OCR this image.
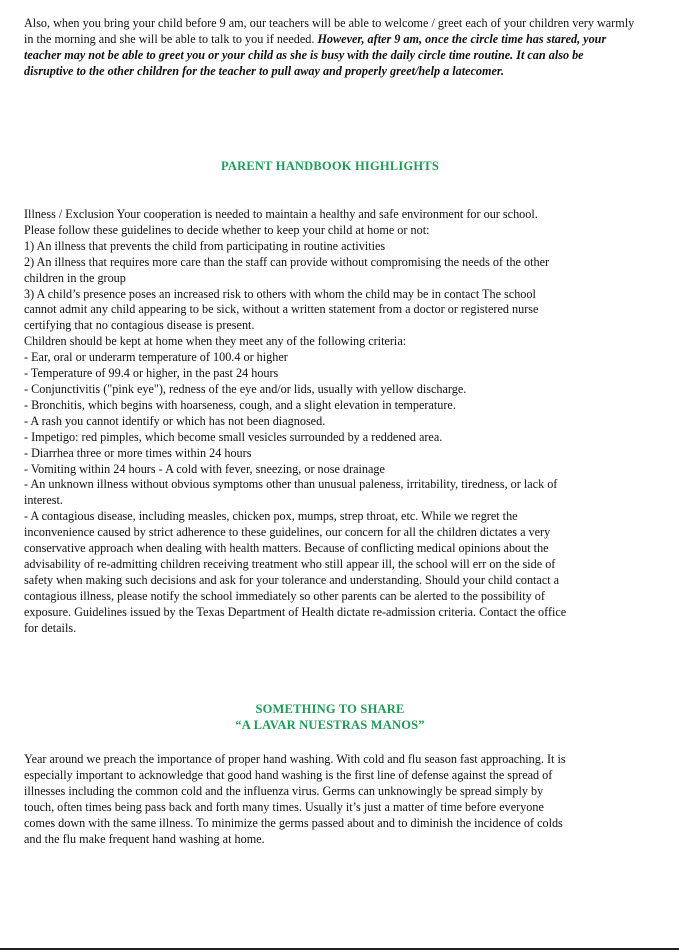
Also, when you bring your child before 9 am, our teachers will be able to welcome / greet each of your children very warmly in the morning and she will be able to talk to you if needed. However, after 9 am, once the circle time has stared, your teacher may not be able to greet you or your child as she is busy with the daily circle time routine. It can also be disruptive to the other children for the teacher to pull away and properly greet/help a latecomer.

PARENT HANDBOOK HIGHLIGHTS

Illness / Exclusion Your cooperation is needed to maintain a healthy and safe environment for our school.
Please follow these guidelines to decide whether to keep your child at home or not:
1) An illness that prevents the child from participating in routine activities
2) An illness that requires more care than the staff can provide without compromising the needs of the other
children in the group
3) A child’s presence poses an increased risk to others with whom the child may be in contact The school
cannot admit any child appearing to be sick, without a written statement from a doctor or registered nurse
certifying that no contagious disease is present.
Children should be kept at home when they meet any of the following criteria:
- Ear, oral or underarm temperature of 100.4 or higher
- Temperature of 99.4 or higher, in the past 24 hours
- Conjunctivitis ("pink eye"), redness of the eye and/or lids, usually with yellow discharge.
- Bronchitis, which begins with hoarseness, cough, and a slight elevation in temperature.
- A rash you cannot identify or which has not been diagnosed.
- Impetigo: red pimples, which become small vesicles surrounded by a reddened area.
- Diarrhea three or more times within 24 hours
- Vomiting within 24 hours - A cold with fever, sneezing, or nose drainage
- An unknown illness without obvious symptoms other than unusual paleness, irritability, tiredness, or lack of
interest.
- A contagious disease, including measles, chicken pox, mumps, strep throat, etc. While we regret the
inconvenience caused by strict adherence to these guidelines, our concern for all the children dictates a very
conservative approach when dealing with health matters. Because of conflicting medical opinions about the
advisability of re-admitting children receiving treatment who still appear ill, the school will err on the side of
safety when making such decisions and ask for your tolerance and understanding. Should your child contact a
contagious illness, please notify the school immediately so other parents can be alerted to the possibility of
exposure. Guidelines issued by the Texas Department of Health dictate re-admission criteria. Contact the office
for details.

SOMETHING TO SHARE

“A LAVAR NUESTRAS MANOS”

Year around we preach the importance of proper hand washing. With cold and flu season fast approaching. It is
especially important to acknowledge that good hand washing is the first line of defense against the spread of
illnesses including the common cold and the influenza virus. Germs can unknowingly be spread simply by
touch, often times being pass back and forth many times. Usually it’s just a matter of time before everyone
comes down with the same illness. To minimize the germs passed about and to diminish the incidence of colds
and the flu make frequent hand washing at home.
